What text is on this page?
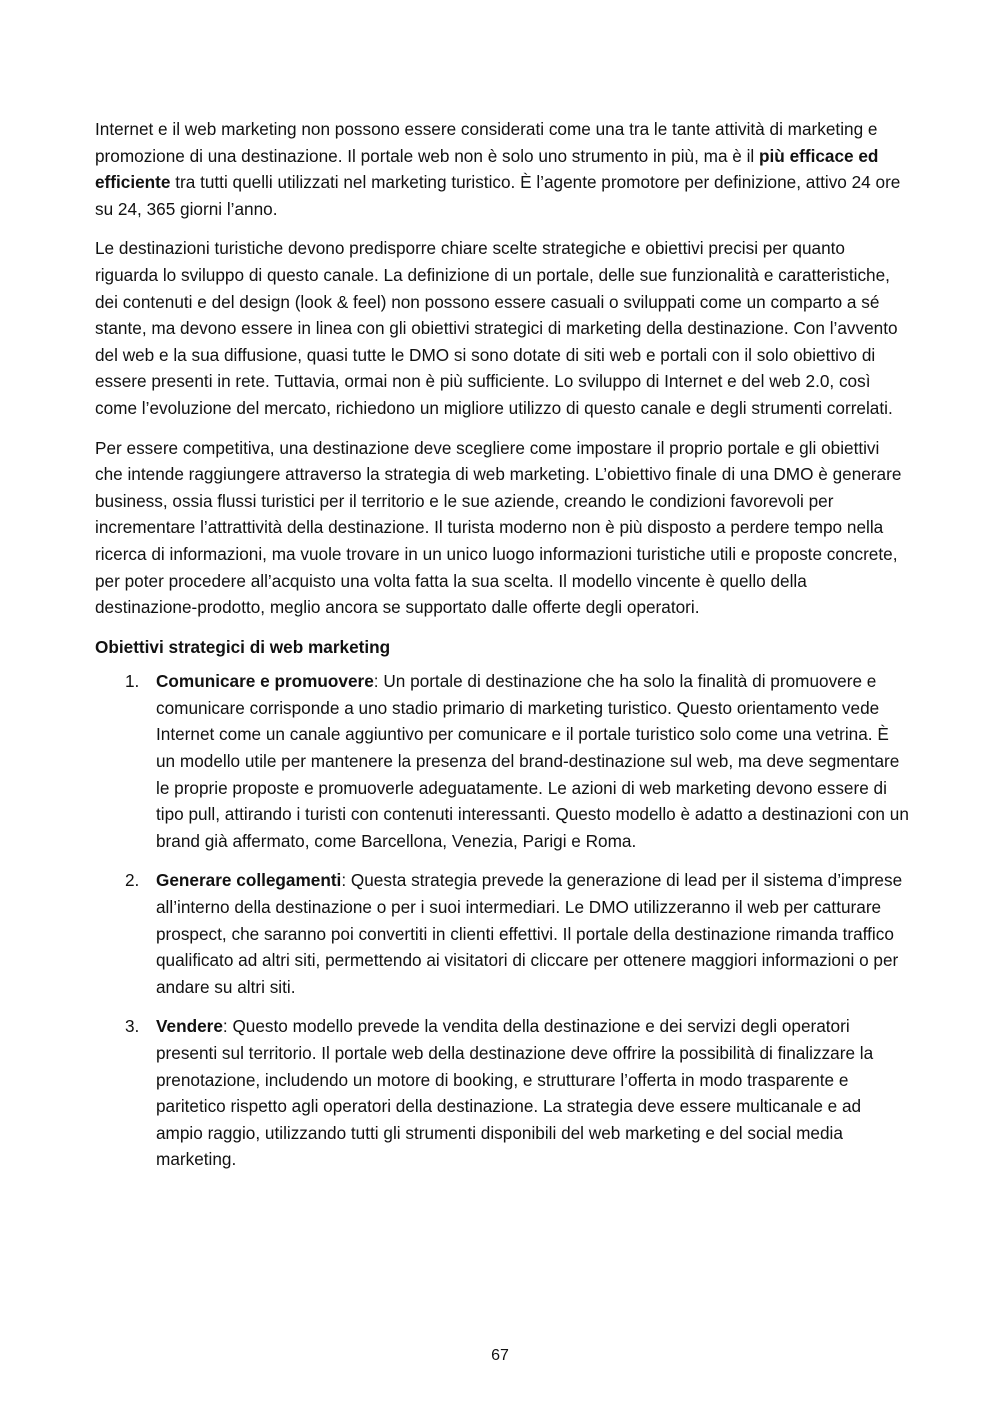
Internet e il web marketing non possono essere considerati come una tra le tante attività di marketing e promozione di una destinazione. Il portale web non è solo uno strumento in più, ma è il più efficace ed efficiente tra tutti quelli utilizzati nel marketing turistico. È l’agente promotore per definizione, attivo 24 ore su 24, 365 giorni l’anno.

Le destinazioni turistiche devono predisporre chiare scelte strategiche e obiettivi precisi per quanto riguarda lo sviluppo di questo canale. La definizione di un portale, delle sue funzionalità e caratteristiche, dei contenuti e del design (look & feel) non possono essere casuali o sviluppati come un comparto a sé stante, ma devono essere in linea con gli obiettivi strategici di marketing della destinazione. Con l’avvento del web e la sua diffusione, quasi tutte le DMO si sono dotate di siti web e portali con il solo obiettivo di essere presenti in rete. Tuttavia, ormai non è più sufficiente. Lo sviluppo di Internet e del web 2.0, così come l’evoluzione del mercato, richiedono un migliore utilizzo di questo canale e degli strumenti correlati.

Per essere competitiva, una destinazione deve scegliere come impostare il proprio portale e gli obiettivi che intende raggiungere attraverso la strategia di web marketing. L’obiettivo finale di una DMO è generare business, ossia flussi turistici per il territorio e le sue aziende, creando le condizioni favorevoli per incrementare l’attrattività della destinazione. Il turista moderno non è più disposto a perdere tempo nella ricerca di informazioni, ma vuole trovare in un unico luogo informazioni turistiche utili e proposte concrete, per poter procedere all’acquisto una volta fatta la sua scelta. Il modello vincente è quello della destinazione-prodotto, meglio ancora se supportato dalle offerte degli operatori.

Obiettivi strategici di web marketing
1. Comunicare e promuovere: Un portale di destinazione che ha solo la finalità di promuovere e comunicare corrisponde a uno stadio primario di marketing turistico. Questo orientamento vede Internet come un canale aggiuntivo per comunicare e il portale turistico solo come una vetrina. È un modello utile per mantenere la presenza del brand-destinazione sul web, ma deve segmentare le proprie proposte e promuoverle adeguatamente. Le azioni di web marketing devono essere di tipo pull, attirando i turisti con contenuti interessanti. Questo modello è adatto a destinazioni con un brand già affermato, come Barcellona, Venezia, Parigi e Roma.
2. Generare collegamenti: Questa strategia prevede la generazione di lead per il sistema d’imprese all’interno della destinazione o per i suoi intermediari. Le DMO utilizzeranno il web per catturare prospect, che saranno poi convertiti in clienti effettivi. Il portale della destinazione rimanda traffico qualificato ad altri siti, permettendo ai visitatori di cliccare per ottenere maggiori informazioni o per andare su altri siti.
3. Vendere: Questo modello prevede la vendita della destinazione e dei servizi degli operatori presenti sul territorio. Il portale web della destinazione deve offrire la possibilità di finalizzare la prenotazione, includendo un motore di booking, e strutturare l’offerta in modo trasparente e paritetico rispetto agli operatori della destinazione. La strategia deve essere multicanale e ad ampio raggio, utilizzando tutti gli strumenti disponibili del web marketing e del social media marketing.
67
